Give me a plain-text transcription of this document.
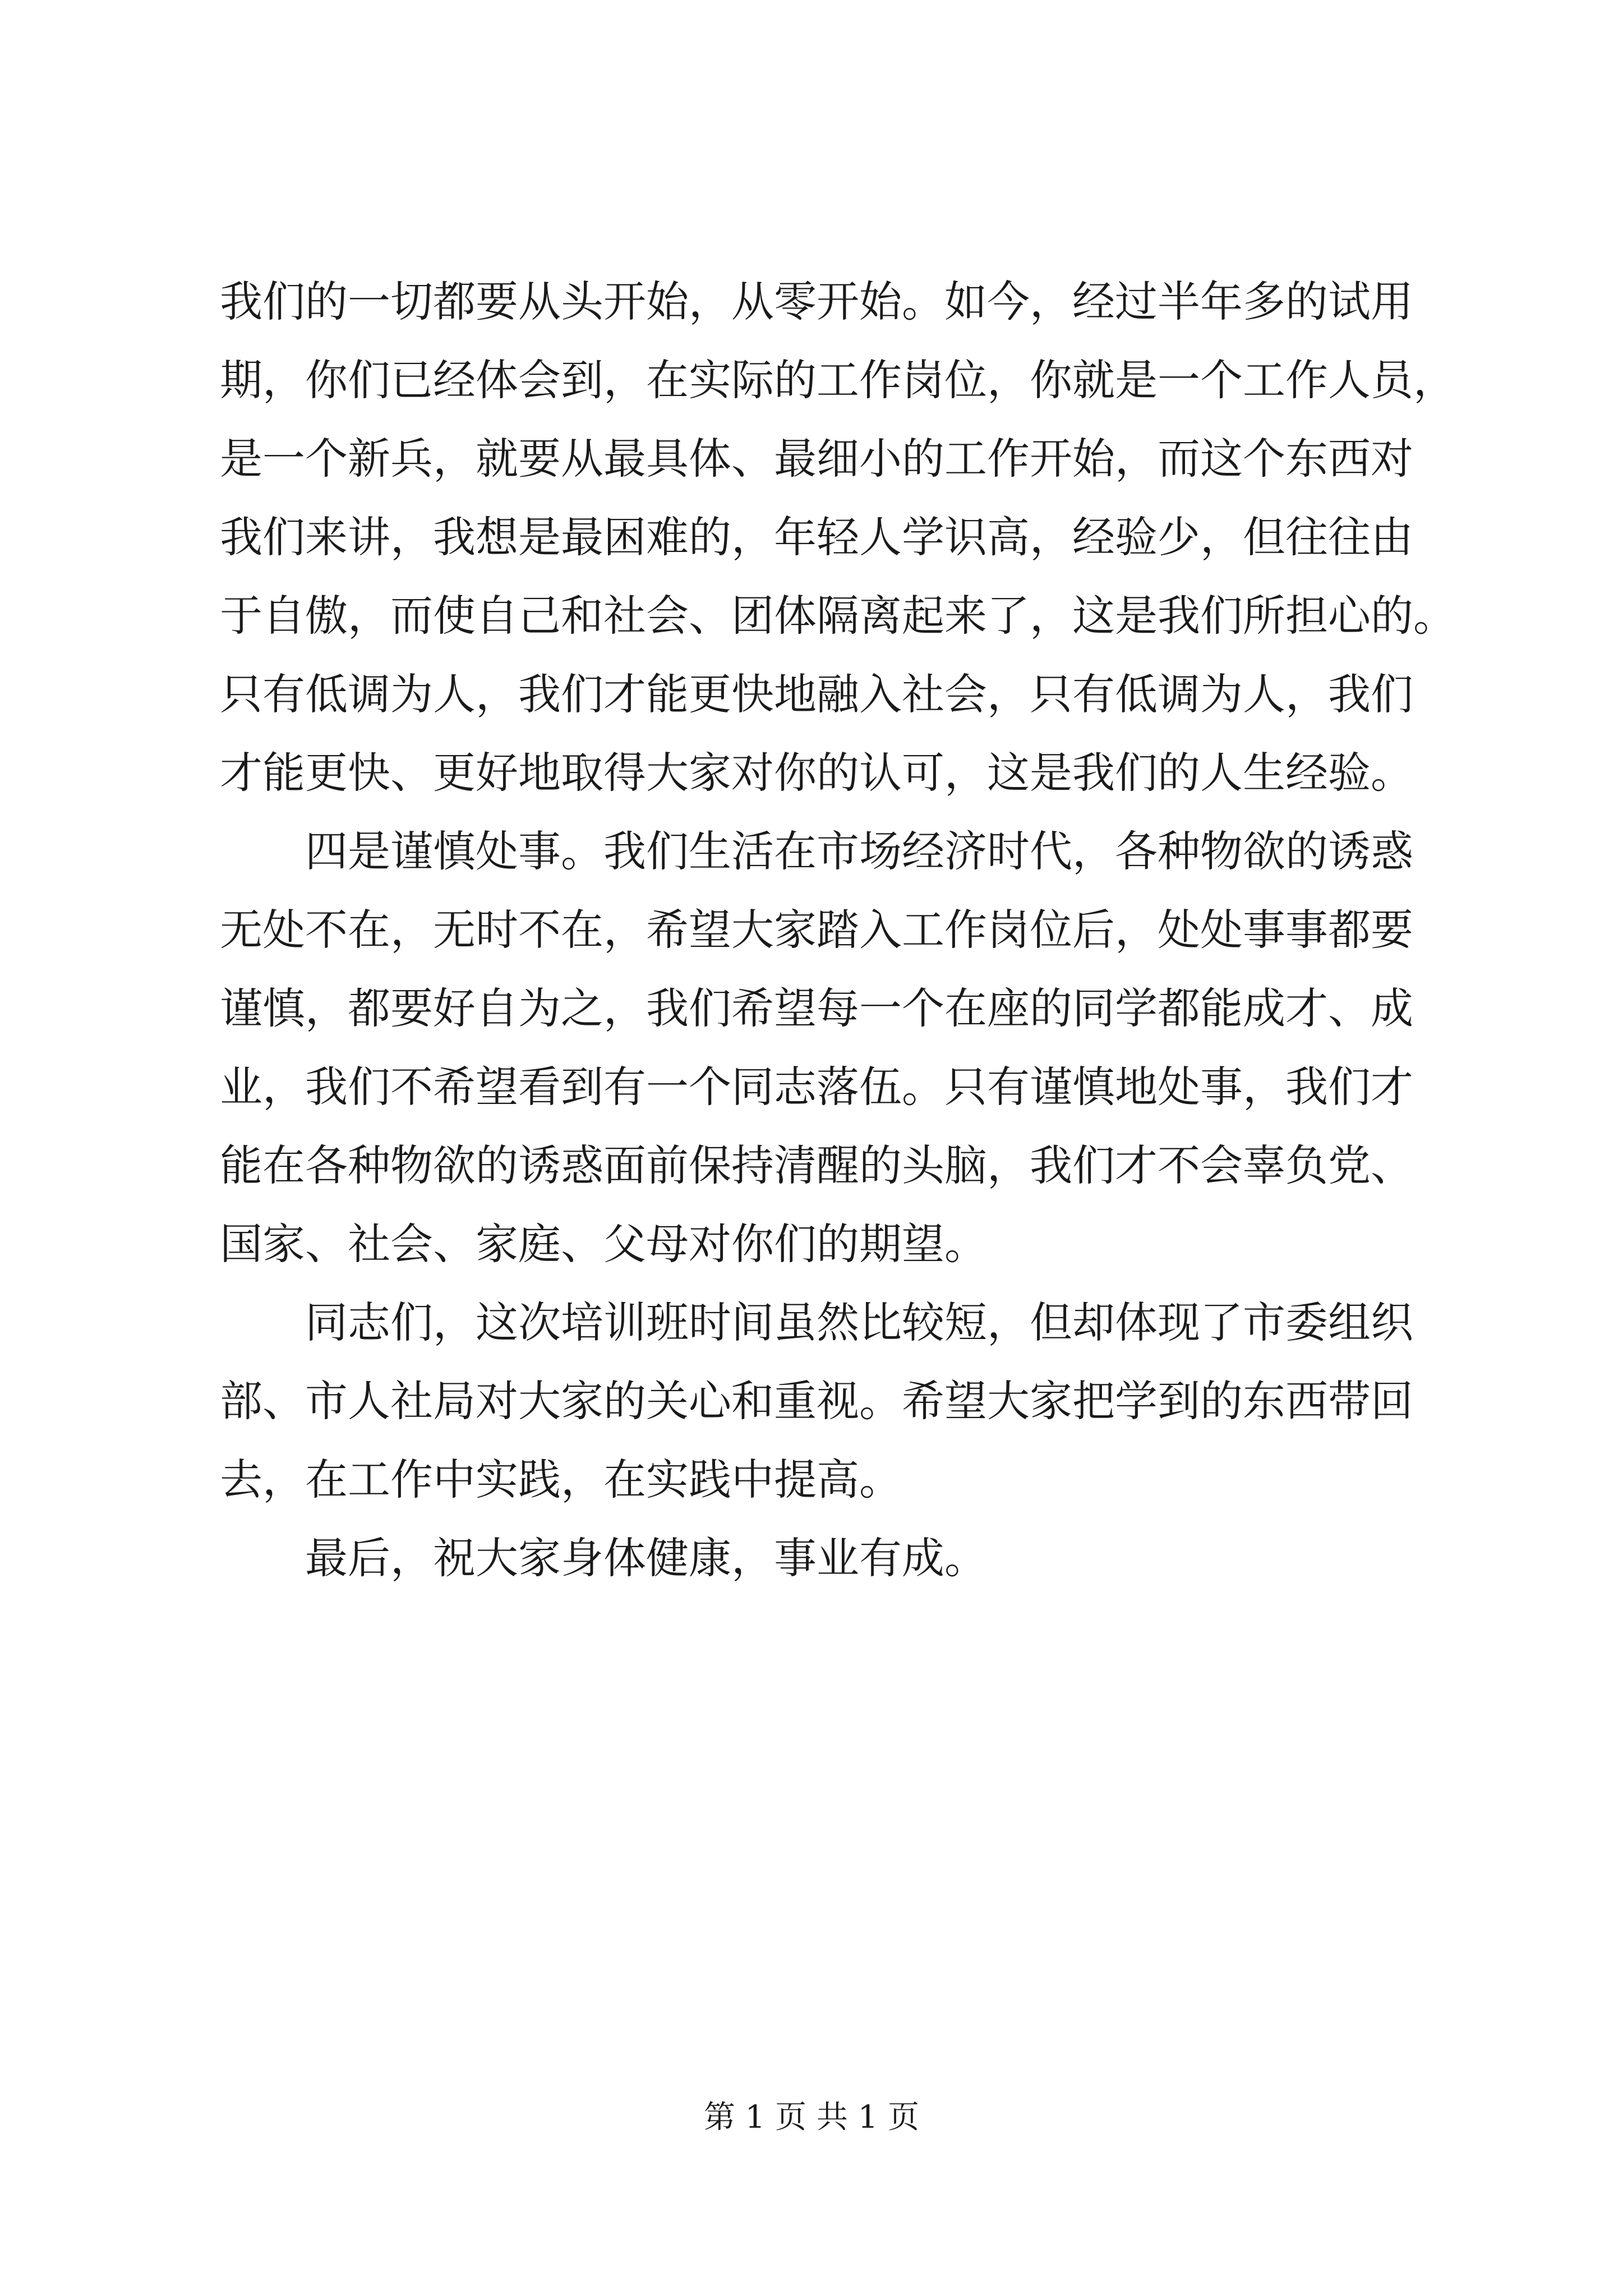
我们的一切都要从头开始，从零开始。如今，经过半年多的试用
期，你们已经体会到，在实际的工作岗位，你就是一个工作人员，
是一个新兵，就要从最具体、最细小的工作开始，而这个东西对
我们来讲，我想是最困难的，年轻人学识高，经验少，但往往由
于自傲，而使自己和社会、团体隔离起来了，这是我们所担心的。
只有低调为人，我们才能更快地融入社会，只有低调为人，我们
才能更快、更好地取得大家对你的认可，这是我们的人生经验。
四是谨慎处事。我们生活在市场经济时代，各种物欲的诱惑
无处不在，无时不在，希望大家踏入工作岗位后，处处事事都要
谨慎，都要好自为之，我们希望每一个在座的同学都能成才、成
业，我们不希望看到有一个同志落伍。只有谨慎地处事，我们才
能在各种物欲的诱惑面前保持清醒的头脑，我们才不会辜负党、
国家、社会、家庭、父母对你们的期望。
同志们，这次培训班时间虽然比较短，但却体现了市委组织
部、市人社局对大家的关心和重视。希望大家把学到的东西带回
去，在工作中实践，在实践中提高。
最后，祝大家身体健康，事业有成。
第 1 页 共 1 页
